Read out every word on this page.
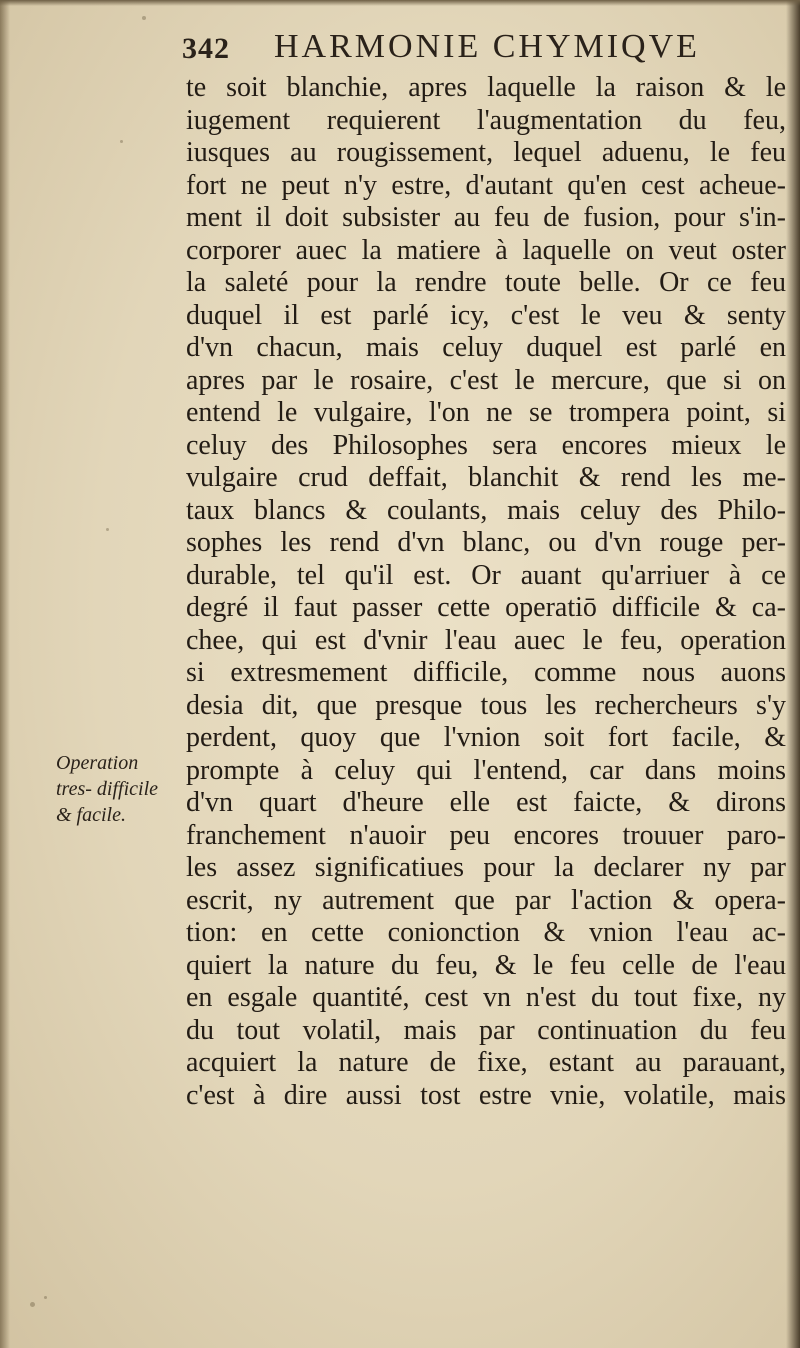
342 HARMONIE CHYMIQVE
Operation
tres- difficile
& facile.
te soit blanchie, apres laquelle la raison & le
iugement requierent l'augmentation du feu,
iusques au rougissement, lequel aduenu, le feu
fort ne peut n'y estre, d'autant qu'en cest acheue-
ment il doit subsister au feu de fusion, pour s'in-
corporer auec la matiere à laquelle on veut oster
la saleté pour la rendre toute belle. Or ce feu
duquel il est parlé icy, c'est le veu & senty
d'vn chacun, mais celuy duquel est parlé en
apres par le rosaire, c'est le mercure, que si on
entend le vulgaire, l'on ne se trompera point, si
celuy des Philosophes sera encores mieux le
vulgaire crud deffait, blanchit & rend les me-
taux blancs & coulants, mais celuy des Philo-
sophes les rend d'vn blanc, ou d'vn rouge per-
durable, tel qu'il est. Or auant qu'arriuer à ce
degré il faut passer cette operatiō difficile & ca-
chee, qui est d'vnir l'eau auec le feu, operation
si extresmement difficile, comme nous auons
desia dit, que presque tous les rechercheurs s'y
perdent, quoy que l'vnion soit fort facile, &
prompte à celuy qui l'entend, car dans moins
d'vn quart d'heure elle est faicte, & dirons
franchement n'auoir peu encores trouuer paro-
les assez significatiues pour la declarer ny par
escrit, ny autrement que par l'action & opera-
tion: en cette conionction & vnion l'eau ac-
quiert la nature du feu, & le feu celle de l'eau
en esgale quantité, cest vn n'est du tout fixe, ny
du tout volatil, mais par continuation du feu
acquiert la nature de fixe, estant au parauant,
c'est à dire aussi tost estre vnie, volatile, mais
